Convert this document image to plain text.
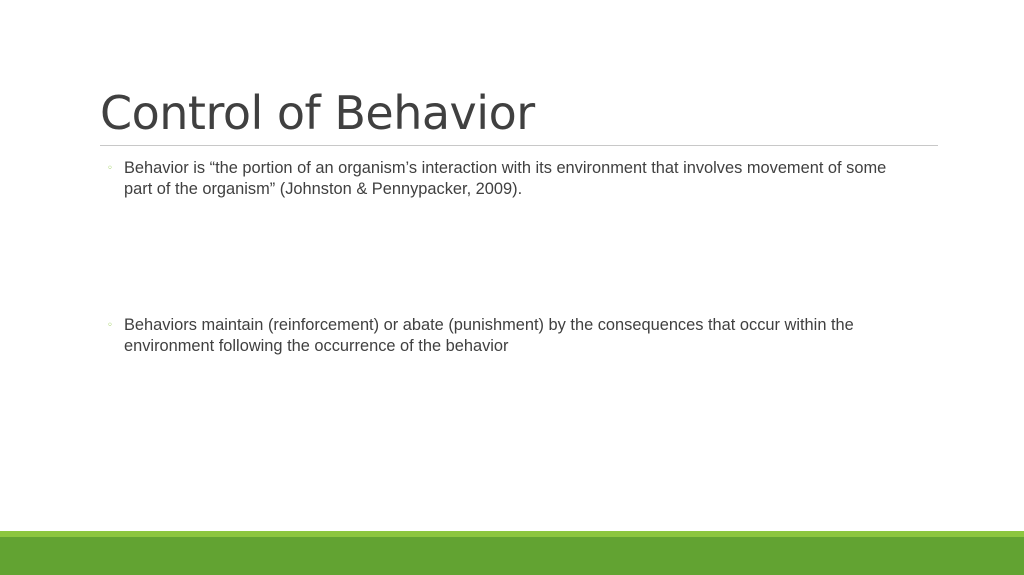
Control of Behavior
◦ Behavior is “the portion of an organism’s interaction with its environment that involves movement of some part of the organism” (Johnston & Pennypacker, 2009).
◦ Behaviors maintain (reinforcement) or abate (punishment) by the consequences that occur within the environment following the occurrence of the behavior
